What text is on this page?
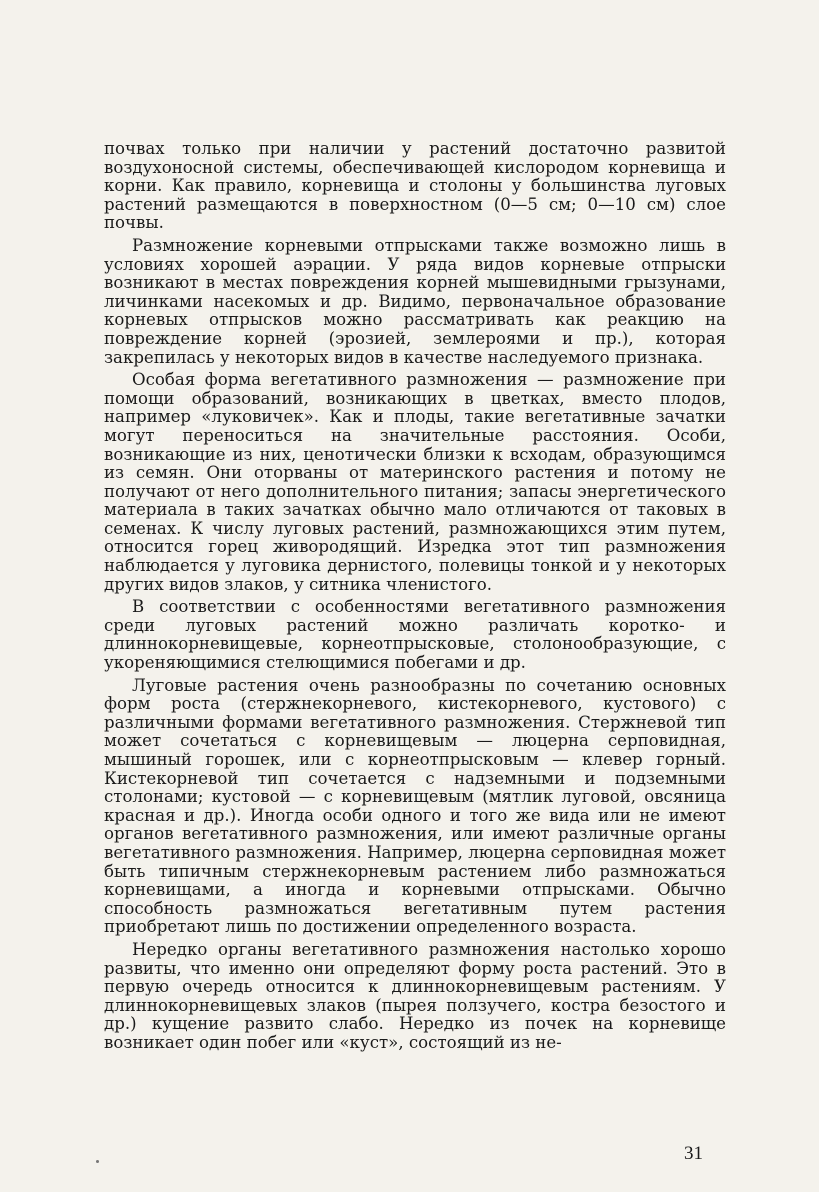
почвах только при наличии у растений достаточно развитой воздухоносной системы, обеспечивающей кислородом корневища и корни. Как правило, корневища и столоны у большинства луговых растений размещаются в поверхностном (0—5 см; 0—10 см) слое почвы.

Размножение корневыми отпрысками также возможно лишь в условиях хорошей аэрации. У ряда видов корневые отпрыски возникают в местах повреждения корней мышевидными грызунами, личинками насекомых и др. Видимо, первоначальное образование корневых отпрысков можно рассматривать как реакцию на повреждение корней (эрозией, землероями и пр.), которая закрепилась у некоторых видов в качестве наследуемого признака.

Особая форма вегетативного размножения — размножение при помощи образований, возникающих в цветках, вместо плодов, например «луковичек». Как и плоды, такие вегетативные зачатки могут переноситься на значительные расстояния. Особи, возникающие из них, ценотически близки к всходам, образующимся из семян. Они оторваны от материнского растения и потому не получают от него дополнительного питания; запасы энергетического материала в таких зачатках обычно мало отличаются от таковых в семенах. К числу луговых растений, размножающихся этим путем, относится горец живородящий. Изредка этот тип размножения наблюдается у луговика дернистого, полевицы тонкой и у некоторых других видов злаков, у ситника членистого.

В соответствии с особенностями вегетативного размножения среди луговых растений можно различать коротко- и длиннокорневищевые, корнеотпрысковые, столонообразующие, с укореняющимися стелющимися побегами и др.

Луговые растения очень разнообразны по сочетанию основных форм роста (стержнекорневого, кистекорневого, кустового) с различными формами вегетативного размножения. Стержневой тип может сочетаться с корневищевым — люцерна серповидная, мышиный горошек, или с корнеотпрысковым — клевер горный. Кистекорневой тип сочетается с надземными и подземными столонами; кустовой — с корневищевым (мятлик луговой, овсяница красная и др.). Иногда особи одного и того же вида или не имеют органов вегетативного размножения, или имеют различные органы вегетативного размножения. Например, люцерна серповидная может быть типичным стержнекорневым растением либо размножаться корневищами, а иногда и корневыми отпрысками. Обычно способность размножаться вегетативным путем растения приобретают лишь по достижении определенного возраста.

Нередко органы вегетативного размножения настолько хорошо развиты, что именно они определяют форму роста растений. Это в первую очередь относится к длиннокорневищевым растениям. У длиннокорневищевых злаков (пырея ползучего, костра безостого и др.) кущение развито слабо. Нередко из почек на корневище возникает один побег или «куст», состоящий из не-

31
